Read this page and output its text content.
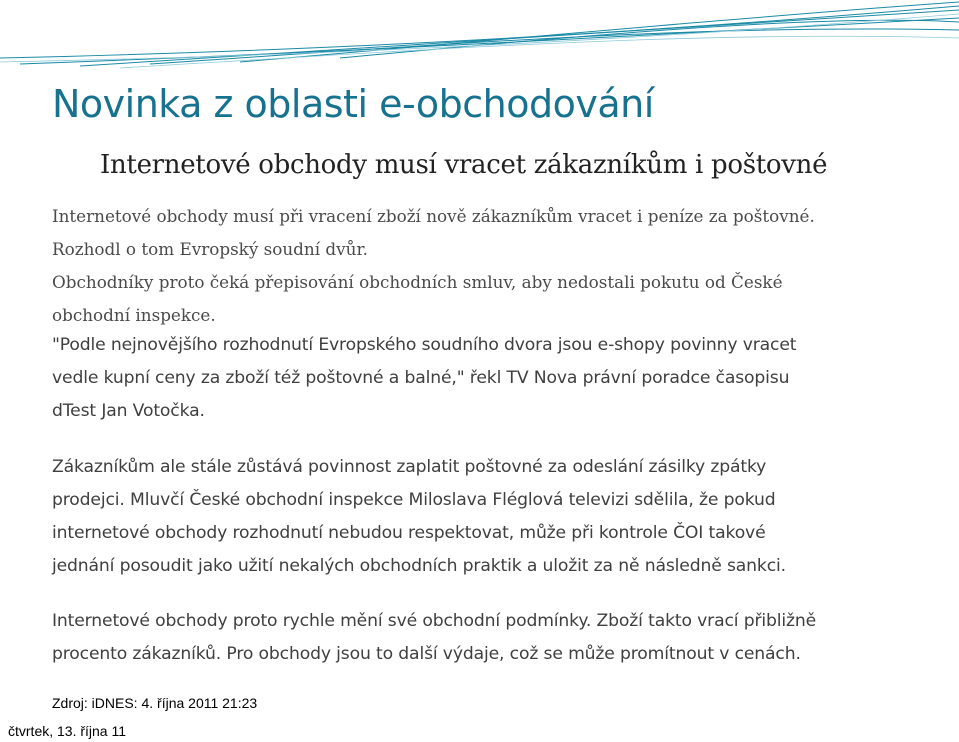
Novinka z oblasti e-obchodování
Internetové obchody musí vracet zákazníkům i poštovné
Internetové obchody musí při vracení zboží nově zákazníkům vracet i peníze za poštovné.
Rozhodl o tom Evropský soudní dvůr.
Obchodníky proto čeká přepisování obchodních smluv, aby nedostali pokutu od České
obchodní inspekce.
"Podle nejnovějšího rozhodnutí Evropského soudního dvora jsou e-shopy povinny vracet
vedle kupní ceny za zboží též poštovné a balné," řekl TV Nova právní poradce časopisu
dTest Jan Votočka.
Zákazníkům ale stále zůstává povinnost zaplatit poštovné za odeslání zásilky zpátky
prodejci. Mluvčí České obchodní inspekce Miloslava Fléglová televizi sdělila, že pokud
internetové obchody rozhodnutí nebudou respektovat, může při kontrole ČOI takové
jednání posoudit jako užití nekalých obchodních praktik a uložit za ně následně sankci.
Internetové obchody proto rychle mění své obchodní podmínky. Zboží takto vrací přibližně
procento zákazníků. Pro obchody jsou to další výdaje, což se může promítnout v cenách.
Zdroj: iDNES: 4. října 2011 21:23
čtvrtek, 13. října 11
